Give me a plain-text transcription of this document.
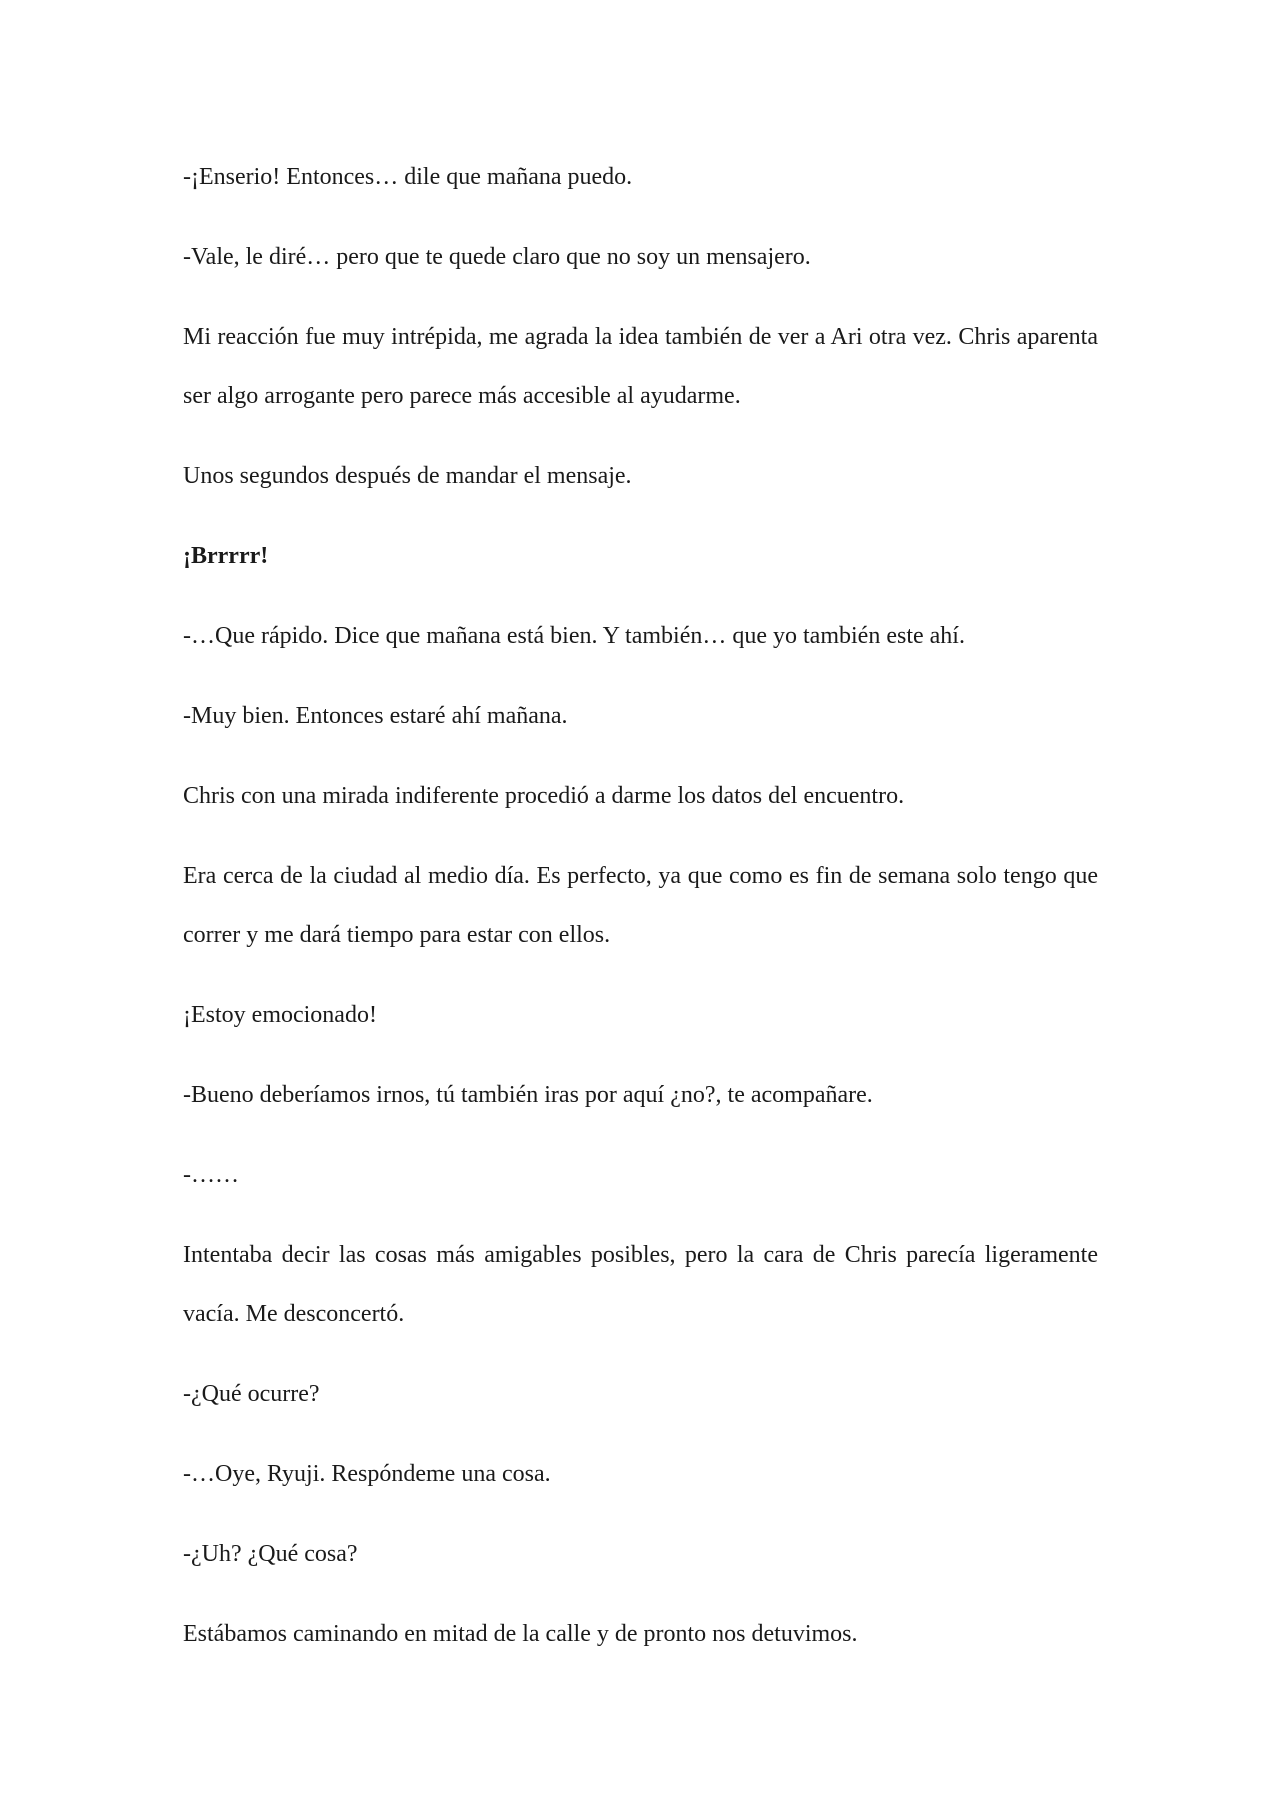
-¡Enserio! Entonces… dile que mañana puedo.

-Vale, le diré… pero que te quede claro que no soy un mensajero.

Mi reacción fue muy intrépida, me agrada la idea también de ver a Ari otra vez. Chris aparenta ser algo arrogante pero parece más accesible al ayudarme.

Unos segundos después de mandar el mensaje.

¡Brrrrr!

-…Que rápido. Dice que mañana está bien. Y también… que yo también este ahí.

-Muy bien. Entonces estaré ahí mañana.

Chris con una mirada indiferente procedió a darme los datos del encuentro.

Era cerca de la ciudad al medio día. Es perfecto, ya que como es fin de semana solo tengo que correr y me dará tiempo para estar con ellos.

¡Estoy emocionado!

-Bueno deberíamos irnos, tú también iras por aquí ¿no?, te acompañare.

-……

Intentaba decir las cosas más amigables posibles, pero la cara de Chris parecía ligeramente vacía. Me desconcertó.

-¿Qué ocurre?

-…Oye, Ryuji. Respóndeme una cosa.

-¿Uh? ¿Qué cosa?

Estábamos caminando en mitad de la calle y de pronto nos detuvimos.
